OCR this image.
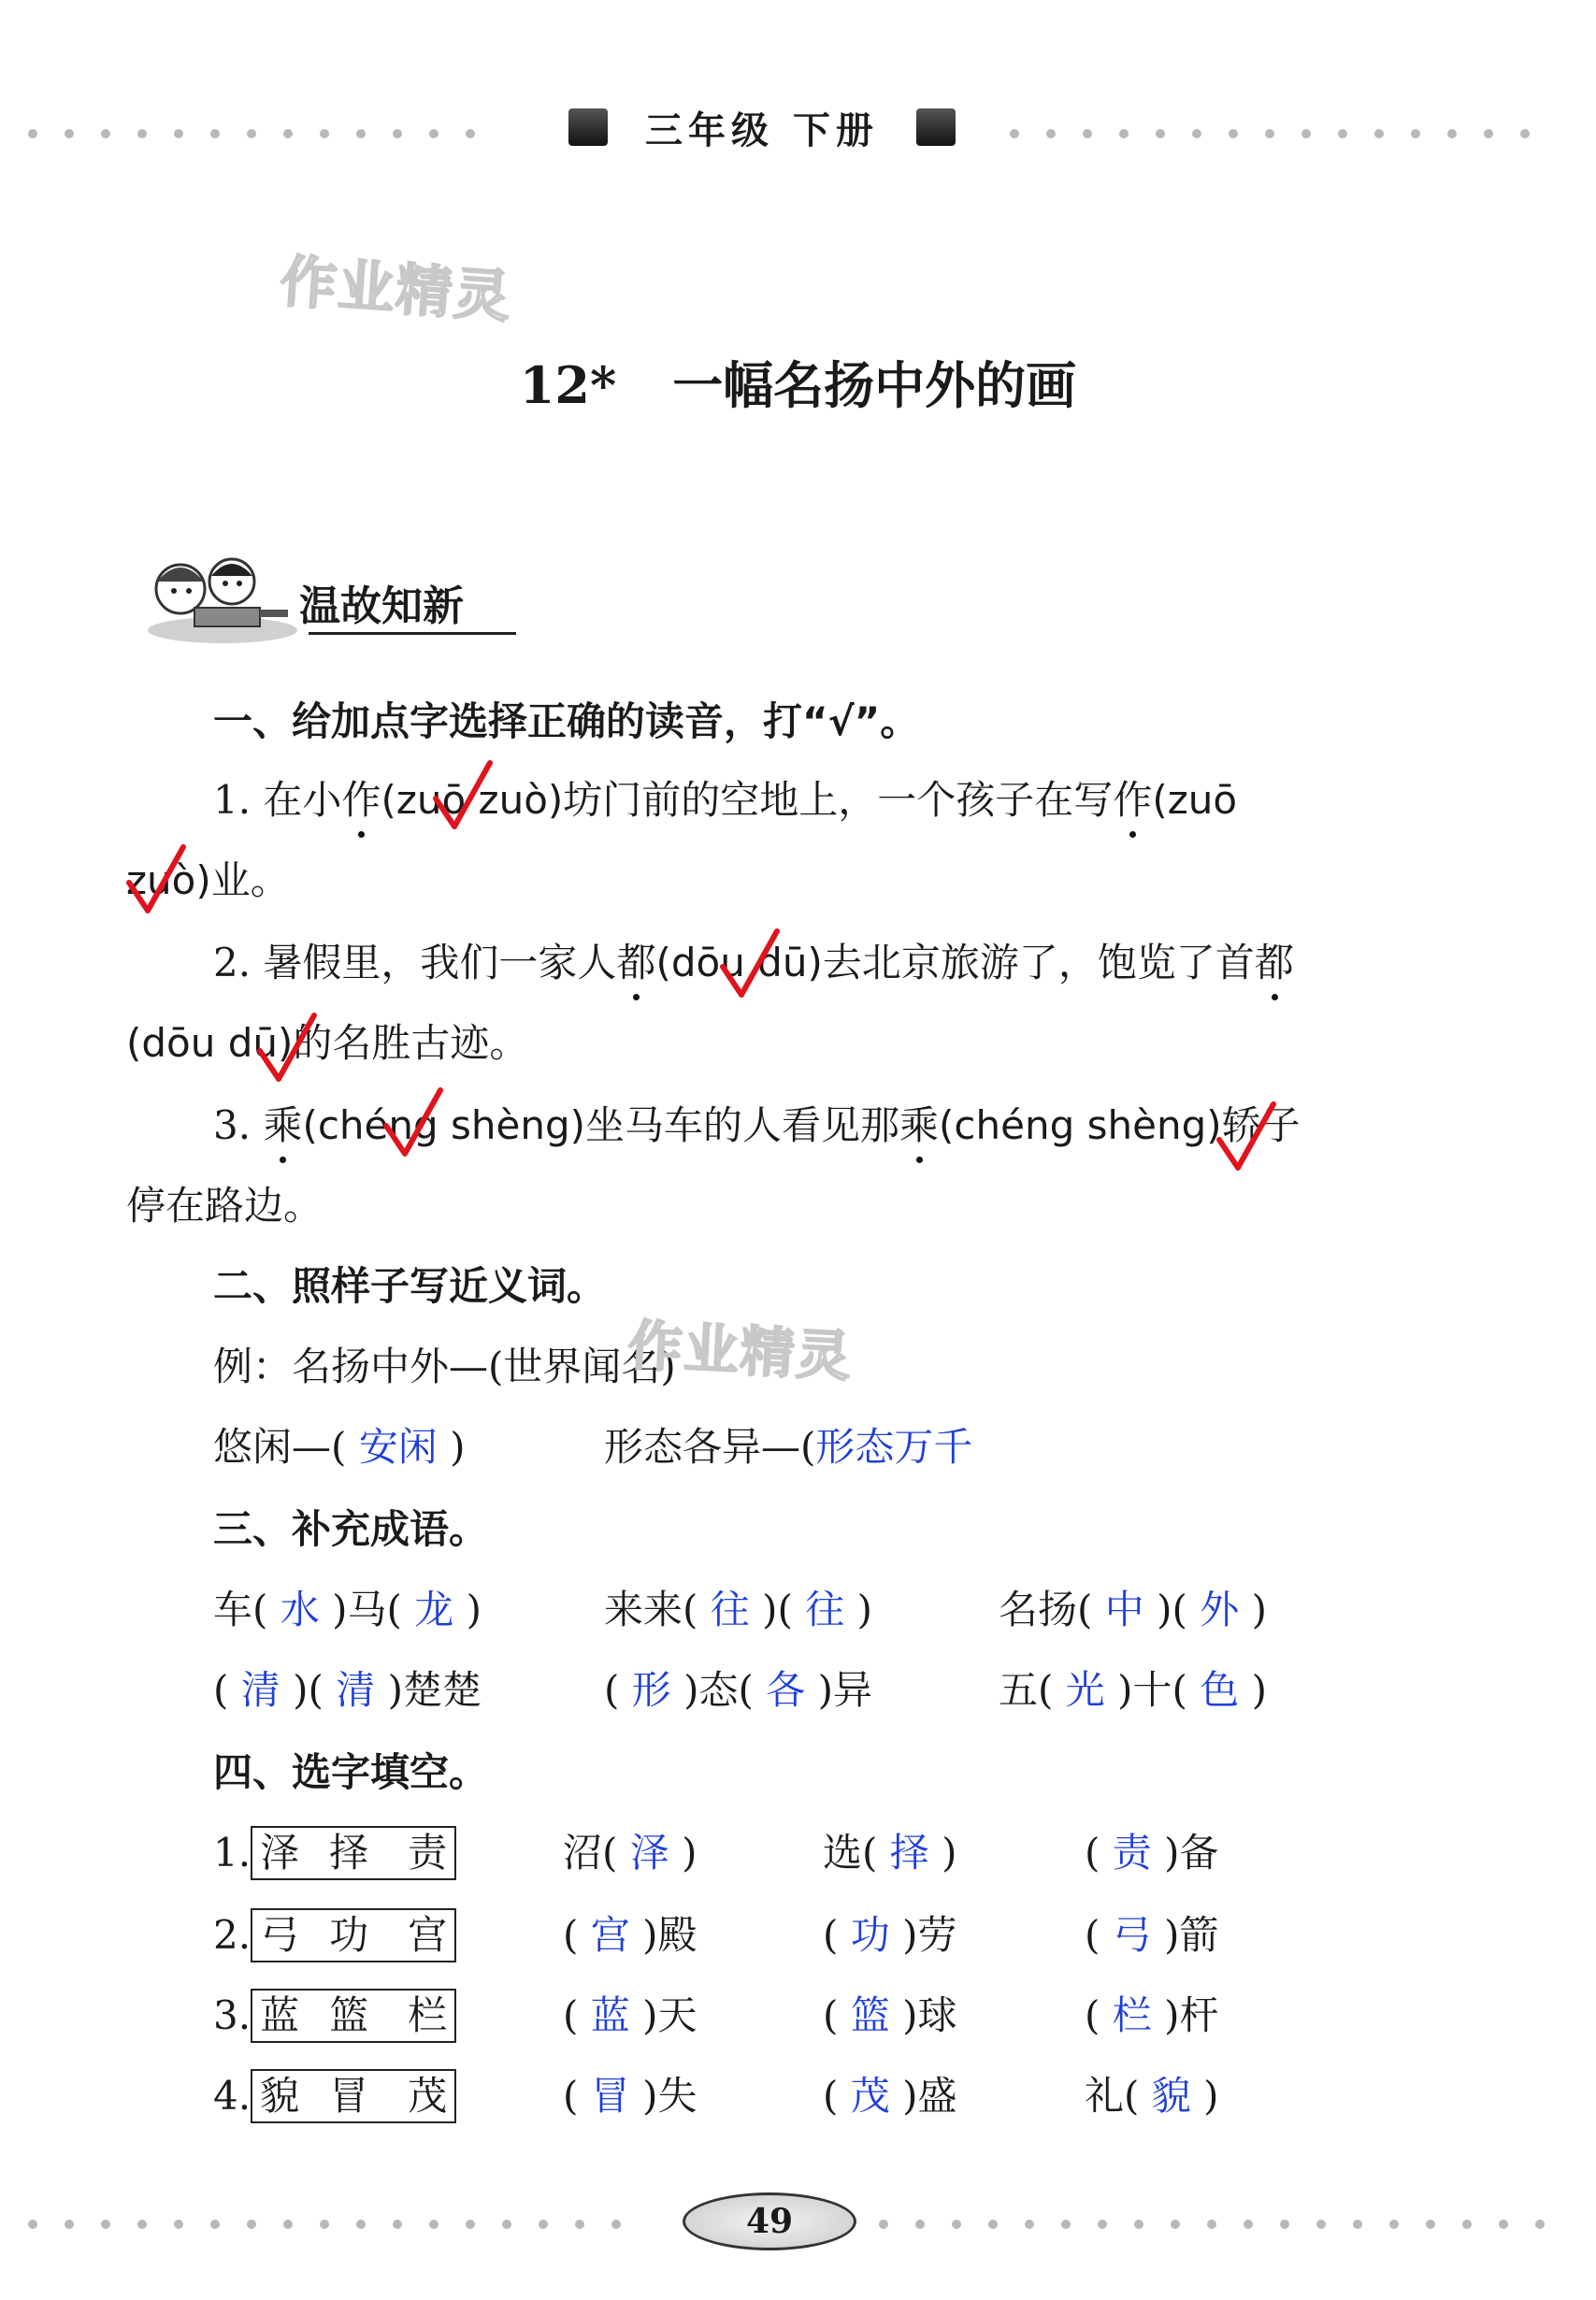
三年级 下册
作业精灵
12* 一幅名扬中外的画
温故知新
一、给加点字选择正确的读音，打“√”。
1. 在小作(zuō zuò)坊门前的空地上，一个孩子在写作(zuō
zuò)业。
2. 暑假里，我们一家人都(dōu dū)去北京旅游了，饱览了首都
(dōu dū)的名胜古迹。
3. 乘(chéng shèng)坐马车的人看见那乘(chéng shèng)轿子
停在路边。
二、照样子写近义词。
例：名扬中外—(世界闻名)
作业精灵
悠闲—( 安闲 )	形态各异—(形态万千
三、补充成语。
车( 水 )马( 龙 )	来来( 往 )( 往 )	名扬( 中 )( 外 )
( 清 )( 清 )楚楚	( 形 )态( 各 )异	五( 光 )十( 色 )
四、选字填空。
1. 泽 择 责	沼( 泽 )	选( 择 )	( 责 )备
2. 弓 功 宫	( 宫 )殿	( 功 )劳	( 弓 )箭
3. 蓝 篮 栏	( 蓝 )天	( 篮 )球	( 栏 )杆
4. 貌 冒 茂	( 冒 )失	( 茂 )盛	礼( 貌 )
49
